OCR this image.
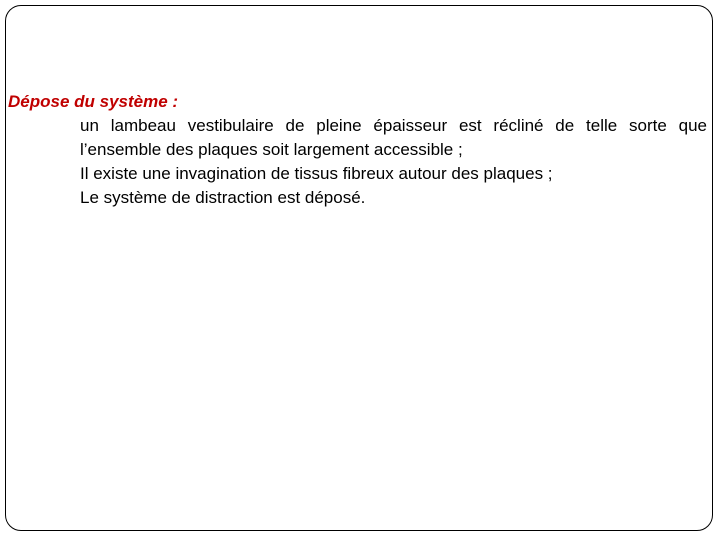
Dépose du système :

un lambeau vestibulaire de pleine épaisseur est récliné de telle sorte que l’ensemble des plaques soit largement accessible ;

Il existe une invagination de tissus fibreux autour des plaques ;

Le système de distraction est déposé.
